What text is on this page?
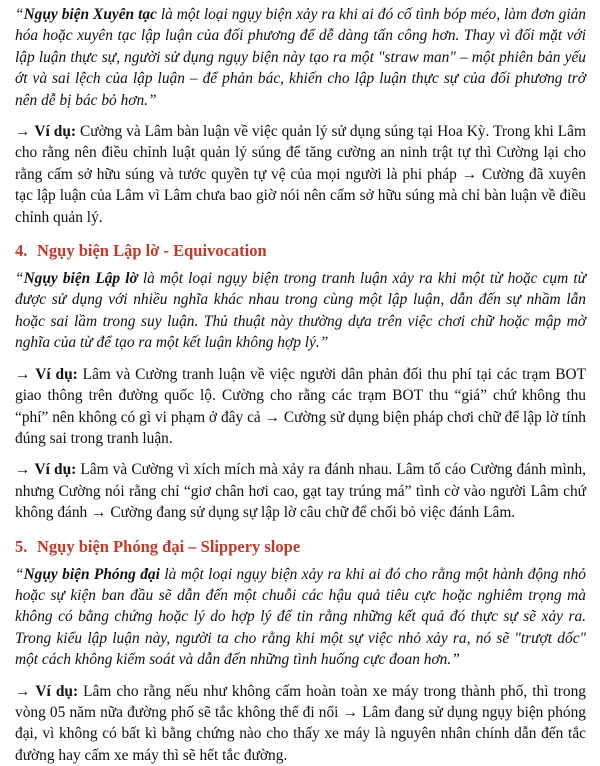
“Ngụy biện Xuyên tạc là một loại ngụy biện xảy ra khi ai đó cố tình bóp méo, làm đơn giản hóa hoặc xuyên tạc lập luận của đối phương để dễ dàng tấn công hơn. Thay vì đối mặt với lập luận thực sự, người sử dụng ngụy biện này tạo ra một "straw man" – một phiên bản yếu ớt và sai lệch của lập luận – để phản bác, khiến cho lập luận thực sự của đối phương trở nên dễ bị bác bỏ hơn.”

→ Ví dụ: Cường và Lâm bàn luận về việc quản lý sử dụng súng tại Hoa Kỳ. Trong khi Lâm cho rằng nên điều chỉnh luật quản lý súng để tăng cường an ninh trật tự thì Cường lại cho rằng cấm sở hữu súng và tước quyền tự vệ của mọi người là phi pháp → Cường đã xuyên tạc lập luận của Lâm vì Lâm chưa bao giờ nói nên cấm sở hữu súng mà chỉ bàn luận về điều chỉnh quản lý.

4. Ngụy biện Lập lờ - Equivocation

“Ngụy biện Lập lờ là một loại ngụy biện trong tranh luận xảy ra khi một từ hoặc cụm từ được sử dụng với nhiều nghĩa khác nhau trong cùng một lập luận, dẫn đến sự nhầm lẫn hoặc sai lầm trong suy luận. Thủ thuật này thường dựa trên việc chơi chữ hoặc mập mờ nghĩa của từ để tạo ra một kết luận không hợp lý.”

→ Ví dụ: Lâm và Cường tranh luận về việc người dân phản đối thu phí tại các trạm BOT giao thông trên đường quốc lộ. Cường cho rằng các trạm BOT thu “giá” chứ không thu “phí” nên không có gì vi phạm ở đây cả → Cường sử dụng biện pháp chơi chữ để lập lờ tính đúng sai trong tranh luận.

→ Ví dụ: Lâm và Cường vì xích mích mà xảy ra đánh nhau. Lâm tố cáo Cường đánh mình, nhưng Cường nói rằng chỉ “giơ chân hơi cao, gạt tay trúng má” tình cờ vào người Lâm chứ không đánh → Cường đang sử dụng sự lập lờ câu chữ để chối bỏ việc đánh Lâm.

5. Ngụy biện Phóng đại – Slippery slope

“Ngụy biện Phóng đại là một loại ngụy biện xảy ra khi ai đó cho rằng một hành động nhỏ hoặc sự kiện ban đầu sẽ dẫn đến một chuỗi các hậu quả tiêu cực hoặc nghiêm trọng mà không có bằng chứng hoặc lý do hợp lý để tin rằng những kết quả đó thực sự sẽ xảy ra. Trong kiểu lập luận này, người ta cho rằng khi một sự việc nhỏ xảy ra, nó sẽ "trượt dốc" một cách không kiểm soát và dẫn đến những tình huống cực đoan hơn.”

→ Ví dụ: Lâm cho rằng nếu như không cấm hoàn toàn xe máy trong thành phố, thì trong vòng 05 năm nữa đường phố sẽ tắc không thể đi nổi → Lâm đang sử dụng ngụy biện phóng đại, vì không có bất kì bằng chứng nào cho thấy xe máy là nguyên nhân chính dẫn đến tắc đường hay cấm xe máy thì sẽ hết tắc đường.
